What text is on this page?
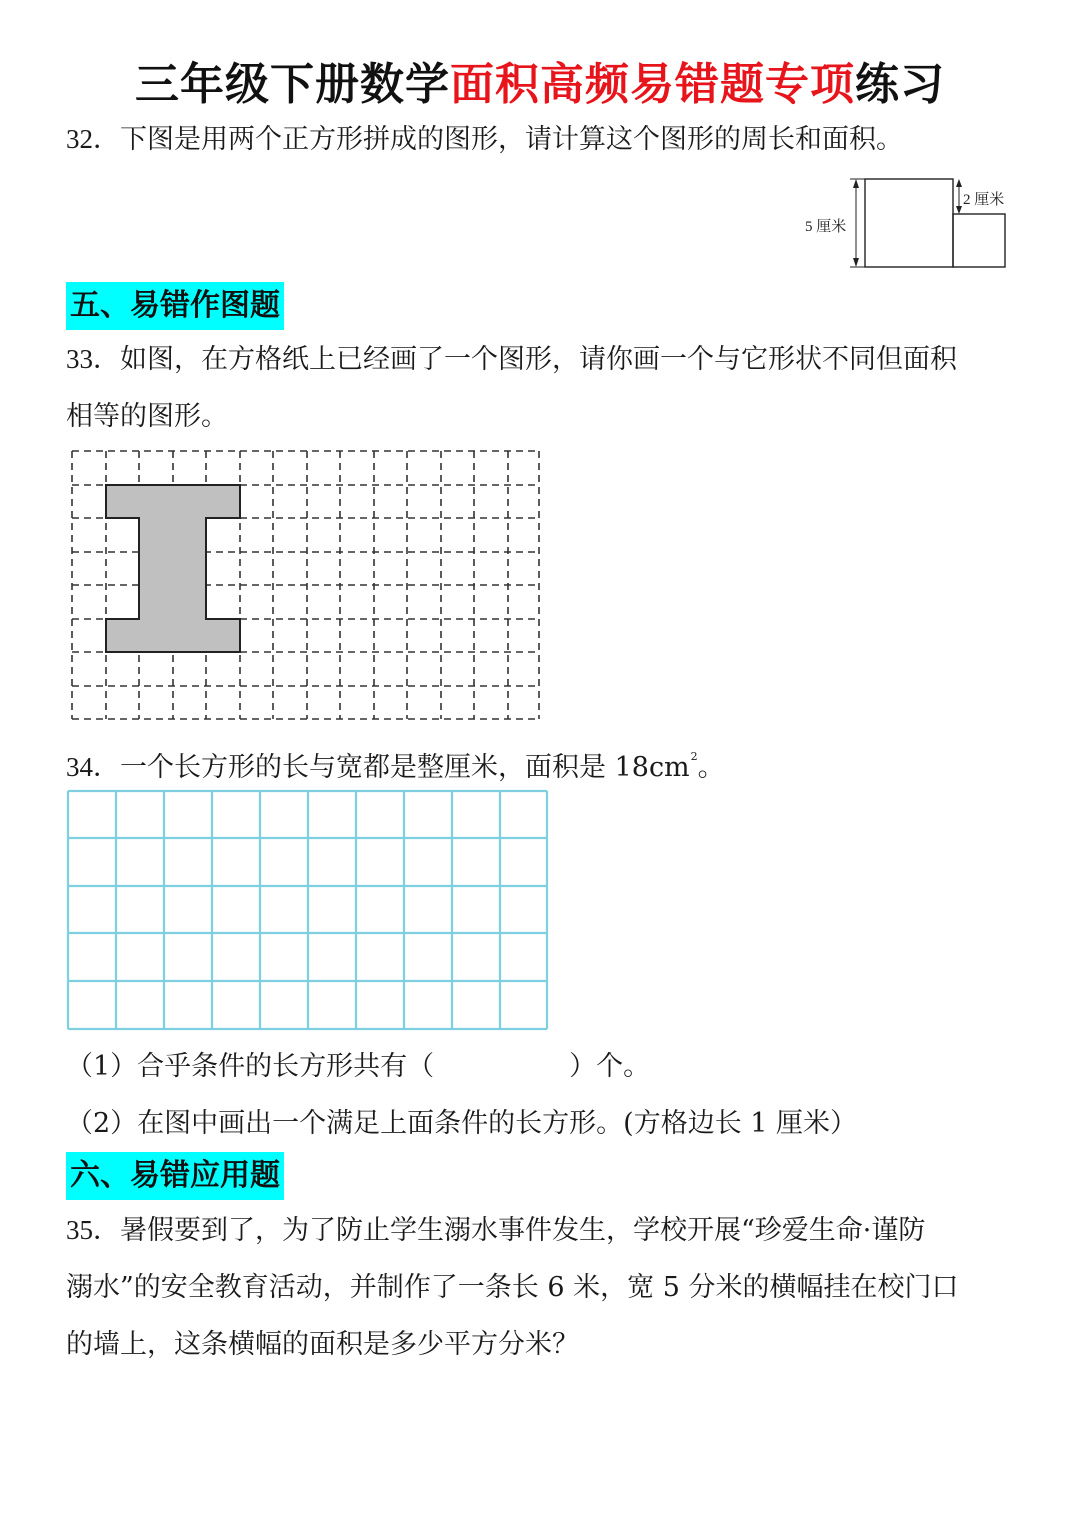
三年级下册数学面积高频易错题专项练习
32．下图是用两个正方形拼成的图形，请计算这个图形的周长和面积。
5 厘米
2 厘米
五、易错作图题
33．如图，在方格纸上已经画了一个图形，请你画一个与它形状不同但面积
相等的图形。
34．一个长方形的长与宽都是整厘米，面积是 $18cm^2$。
（1）合乎条件的长方形共有（　　　　　）个。
（2）在图中画出一个满足上面条件的长方形。(方格边长 1 厘米）
六、易错应用题
35．暑假要到了，为了防止学生溺水事件发生，学校开展“珍爱生命·谨防
溺水”的安全教育活动，并制作了一条长 6 米，宽 5 分米的横幅挂在校门口
的墙上，这条横幅的面积是多少平方分米？
